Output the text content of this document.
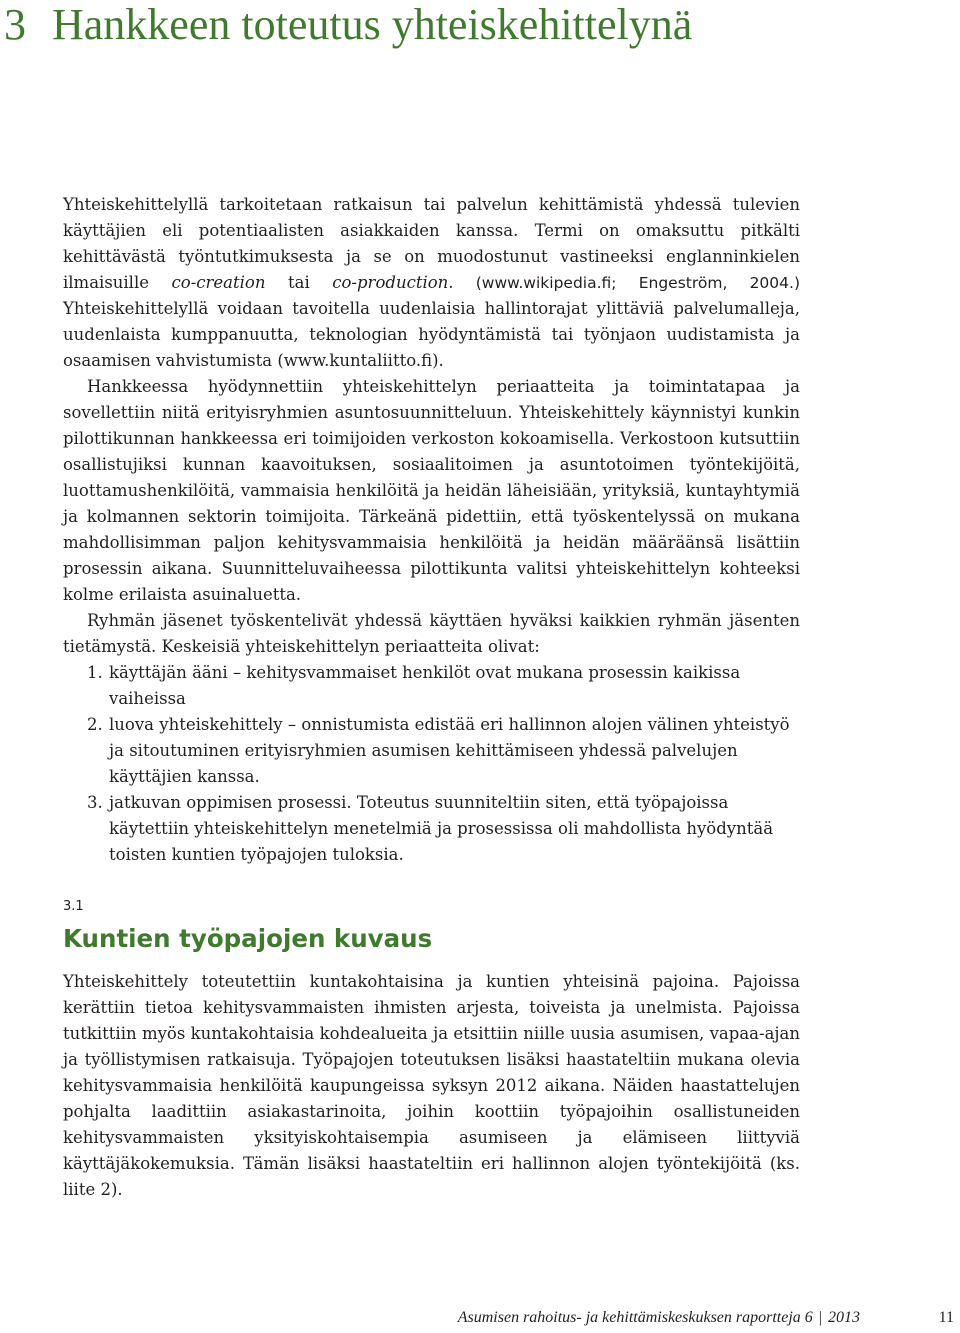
3 Hankkeen toteutus yhteiskehittelynä

Yhteiskehittelyllä tarkoitetaan ratkaisun tai palvelun kehittämistä yhdessä tulevien käyttäjien eli potentiaalisten asiakkaiden kanssa. Termi on omaksuttu pitkälti kehittävästä työntutkimuksesta ja se on muodostunut vastineeksi englanninkielen ilmaisuille co-creation tai co-production. (www.wikipedia.fi; Engeström, 2004.) Yhteiskehittelyllä voidaan tavoitella uudenlaisia hallintorajat ylittäviä palvelumalleja, uudenlaista kumppanuutta, teknologian hyödyntämistä tai työnjaon uudistamista ja osaamisen vahvistumista (www.kuntaliitto.fi).

Hankkeessa hyödynnettiin yhteiskehittelyn periaatteita ja toimintatapaa ja sovellettiin niitä erityisryhmien asuntosuunnitteluun. Yhteiskehittely käynnistyi kunkin pilottikunnan hankkeessa eri toimijoiden verkoston kokoamisella. Verkostoon kutsuttiin osallistujiksi kunnan kaavoituksen, sosiaalitoimen ja asuntotoimen työntekijöitä, luottamushenkilöitä, vammaisia henkilöitä ja heidän läheisiään, yrityksiä, kuntayhtymiä ja kolmannen sektorin toimijoita. Tärkeänä pidettiin, että työskentelyssä on mukana mahdollisimman paljon kehitysvammaisia henkilöitä ja heidän määräänsä lisättiin prosessin aikana. Suunnitteluvaiheessa pilottikunta valitsi yhteiskehittelyn kohteeksi kolme erilaista asuinaluetta.

Ryhmän jäsenet työskentelivät yhdessä käyttäen hyväksi kaikkien ryhmän jäsenten tietämystä. Keskeisiä yhteiskehittelyn periaatteita olivat:

1. käyttäjän ääni – kehitysvammaiset henkilöt ovat mukana prosessin kaikissa vaiheissa
2. luova yhteiskehittely – onnistumista edistää eri hallinnon alojen välinen yhteistyö ja sitoutuminen erityisryhmien asumisen kehittämiseen yhdessä palvelujen käyttäjien kanssa.
3. jatkuvan oppimisen prosessi. Toteutus suunniteltiin siten, että työpajoissa käytettiin yhteiskehittelyn menetelmiä ja prosessissa oli mahdollista hyödyntää toisten kuntien työpajojen tuloksia.
3.1
Kuntien työpajojen kuvaus

Yhteiskehittely toteutettiin kuntakohtaisina ja kuntien yhteisinä pajoina. Pajoissa kerättiin tietoa kehitysvammaisten ihmisten arjesta, toiveista ja unelmista. Pajoissa tutkittiin myös kuntakohtaisia kohdealueita ja etsittiin niille uusia asumisen, vapaa-ajan ja työllistymisen ratkaisuja. Työpajojen toteutuksen lisäksi haastateltiin mukana olevia kehitysvammaisia henkilöitä kaupungeissa syksyn 2012 aikana. Näiden haastattelujen pohjalta laadittiin asiakastarinoita, joihin koottiin työpajoihin osallistuneiden kehitysvammaisten yksityiskohtaisempia asumiseen ja elämiseen liittyviä käyttäjäkokemuksia. Tämän lisäksi haastateltiin eri hallinnon alojen työntekijöitä (ks. liite 2).

Asumisen rahoitus- ja kehittämiskeskuksen raportteja 6 | 2013	11
